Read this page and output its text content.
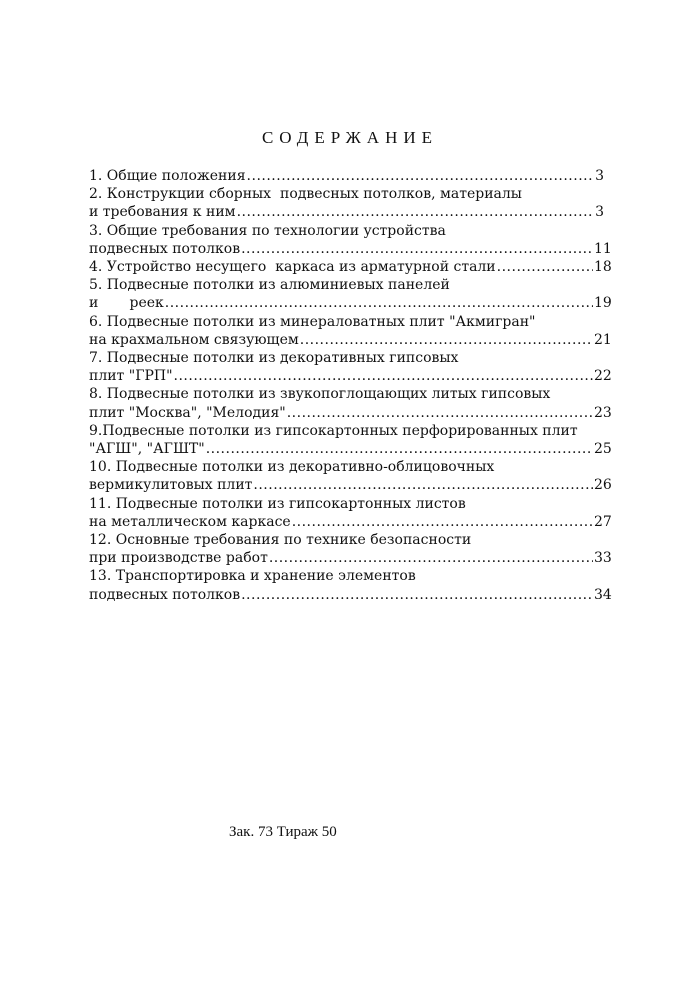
СОДЕРЖАНИЕ
1. Общие положения .....	3
2. Конструкции сборных  подвесных потолков, материалы
и требования к ним .....	3
3. Общие требования по технологии устройства
подвесных потолков .....	11
4. Устройство несущего  каркаса из арматурной стали .....	18
5. Подвесные потолки из алюминиевых панелей
и       реек .....	19
6. Подвесные потолки из минераловатных плит "Акмигран"
на крахмальном связующем .....	21
7. Подвесные потолки из декоративных гипсовых
плит "ГРП" .....	22
8. Подвесные потолки из звукопоглощающих литых гипсовых
плит "Москва", "Мелодия" .....	23
9.Подвесные потолки из гипсокартонных перфорированных плит
"АГШ", "АГШТ" .....	25
10. Подвесные потолки из декоративно-облицовочных
вермикулитовых плит .....	26
11. Подвесные потолки из гипсокартонных листов
на металлическом каркасе .....	27
12. Основные требования по технике безопасности
при производстве работ .....	33
13. Транспортировка и хранение элементов
подвесных потолков .....	34
Зак. 73 Тираж 50
